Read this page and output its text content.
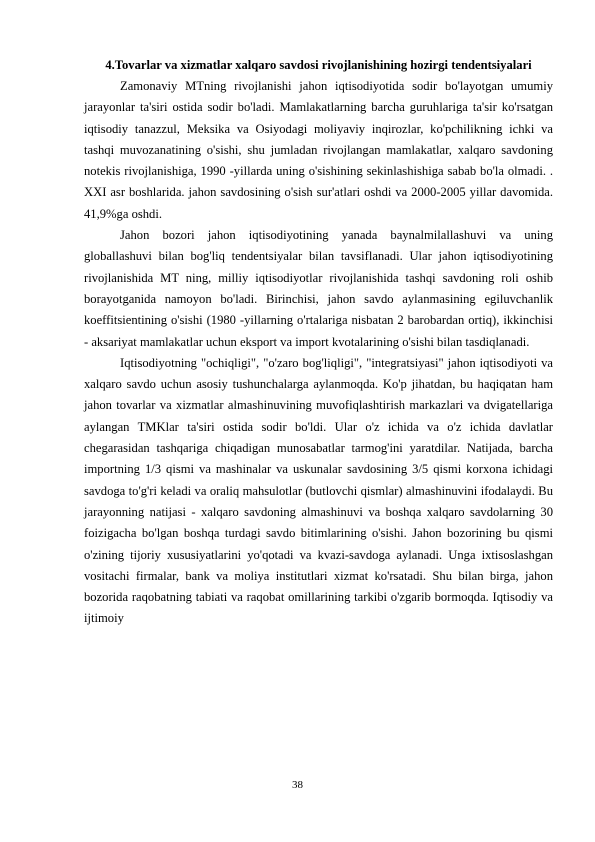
4.Tovarlar va xizmatlar xalqaro savdosi rivojlanishining hozirgi tendentsiyalari

Zamonaviy MTning rivojlanishi jahon iqtisodiyotida sodir bo'layotgan umumiy jarayonlar ta'siri ostida sodir bo'ladi. Mamlakatlarning barcha guruhlariga ta'sir ko'rsatgan iqtisodiy tanazzul, Meksika va Osiyodagi moliyaviy inqirozlar, ko'pchilikning ichki va tashqi muvozanatining o'sishi, shu jumladan rivojlangan mamlakatlar, xalqaro savdoning notekis rivojlanishiga, 1990 -yillarda uning o'sishining sekinlashishiga sabab bo'la olmadi. . XXI asr boshlarida. jahon savdosining o'sish sur'atlari oshdi va 2000-2005 yillar davomida. 41,9%ga oshdi.

Jahon bozori jahon iqtisodiyotining yanada baynalmilallashuvi va uning globallashuvi bilan bog'liq tendentsiyalar bilan tavsiflanadi. Ular jahon iqtisodiyotining rivojlanishida MT ning, milliy iqtisodiyotlar rivojlanishida tashqi savdoning roli oshib borayotganida namoyon bo'ladi. Birinchisi, jahon savdo aylanmasining egiluvchanlik koeffitsientining o'sishi (1980 -yillarning o'rtalariga nisbatan 2 barobardan ortiq), ikkinchisi - aksariyat mamlakatlar uchun eksport va import kvotalarining o'sishi bilan tasdiqlanadi.

Iqtisodiyotning "ochiqligi", "o'zaro bog'liqligi", "integratsiyasi" jahon iqtisodiyoti va xalqaro savdo uchun asosiy tushunchalarga aylanmoqda. Ko'p jihatdan, bu haqiqatan ham jahon tovarlar va xizmatlar almashinuvining muvofiqlashtirish markazlari va dvigatellariga aylangan TMKlar ta'siri ostida sodir bo'ldi. Ular o'z ichida va o'z ichida davlatlar chegarasidan tashqariga chiqadigan munosabatlar tarmog'ini yaratdilar. Natijada, barcha importning 1/3 qismi va mashinalar va uskunalar savdosining 3/5 qismi korxona ichidagi savdoga to'g'ri keladi va oraliq mahsulotlar (butlovchi qismlar) almashinuvini ifodalaydi. Bu jarayonning natijasi - xalqaro savdoning almashinuvi va boshqa xalqaro savdolarning 30 foizigacha bo'lgan boshqa turdagi savdo bitimlarining o'sishi. Jahon bozorining bu qismi o'zining tijoriy xususiyatlarini yo'qotadi va kvazi-savdoga aylanadi. Unga ixtisoslashgan vositachi firmalar, bank va moliya institutlari xizmat ko'rsatadi. Shu bilan birga, jahon bozorida raqobatning tabiati va raqobat omillarining tarkibi o'zgarib bormoqda. Iqtisodiy va ijtimoiy

38
